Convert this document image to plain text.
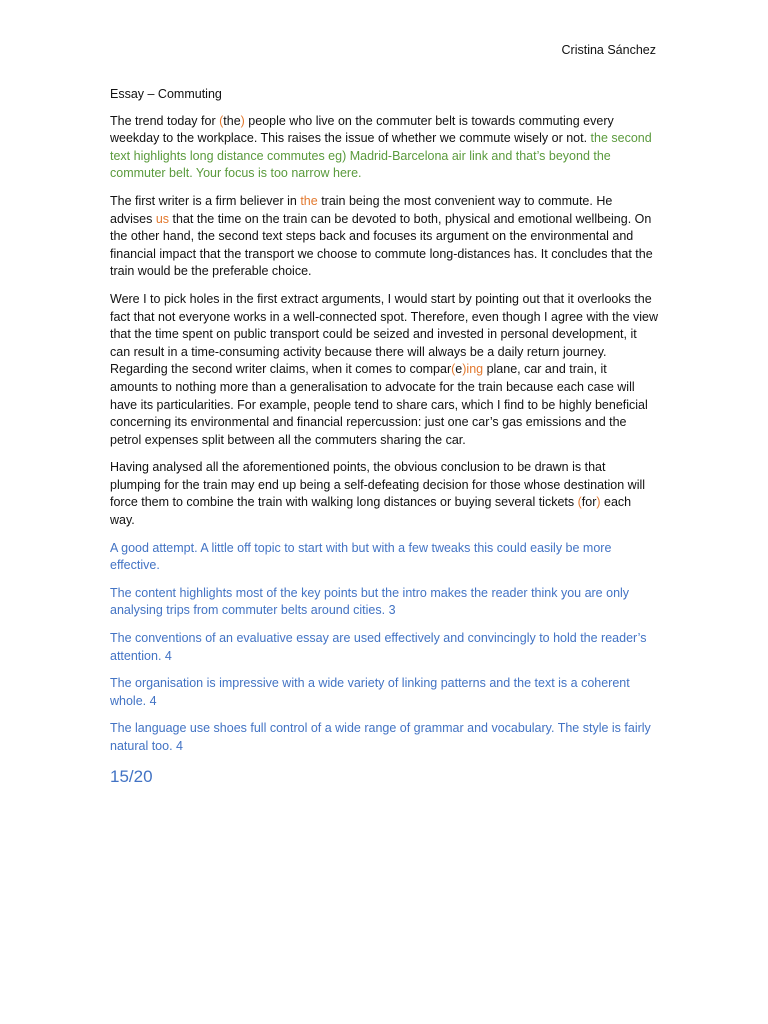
Cristina Sánchez
Essay – Commuting

The trend today for (the) people who live on the commuter belt is towards commuting every weekday to the workplace. This raises the issue of whether we commute wisely or not. the second text highlights long distance commutes eg) Madrid-Barcelona air link and that’s beyond the commuter belt. Your focus is too narrow here.

The first writer is a firm believer in the train being the most convenient way to commute. He advises us that the time on the train can be devoted to both, physical and emotional wellbeing. On the other hand, the second text steps back and focuses its argument on the environmental and financial impact that the transport we choose to commute long-distances has. It concludes that the train would be the preferable choice.

Were I to pick holes in the first extract arguments, I would start by pointing out that it overlooks the fact that not everyone works in a well-connected spot. Therefore, even though I agree with the view that the time spent on public transport could be seized and invested in personal development, it can result in a time-consuming activity because there will always be a daily return journey. Regarding the second writer claims, when it comes to compar(e)ing plane, car and train, it amounts to nothing more than a generalisation to advocate for the train because each case will have its particularities. For example, people tend to share cars, which I find to be highly beneficial concerning its environmental and financial repercussion: just one car’s gas emissions and the petrol expenses split between all the commuters sharing the car.

Having analysed all the aforementioned points, the obvious conclusion to be drawn is that plumping for the train may end up being a self-defeating decision for those whose destination will force them to combine the train with walking long distances or buying several tickets (for) each way.

A good attempt. A little off topic to start with but with a few tweaks this could easily be more effective.

The content highlights most of the key points but the intro makes the reader think you are only analysing trips from commuter belts around cities. 3

The conventions of an evaluative essay are used effectively and convincingly to hold the reader’s attention. 4

The organisation is impressive with a wide variety of linking patterns and the text is a coherent whole. 4

The language use shoes full control of a wide range of grammar and vocabulary. The style is fairly natural too. 4

15/20
